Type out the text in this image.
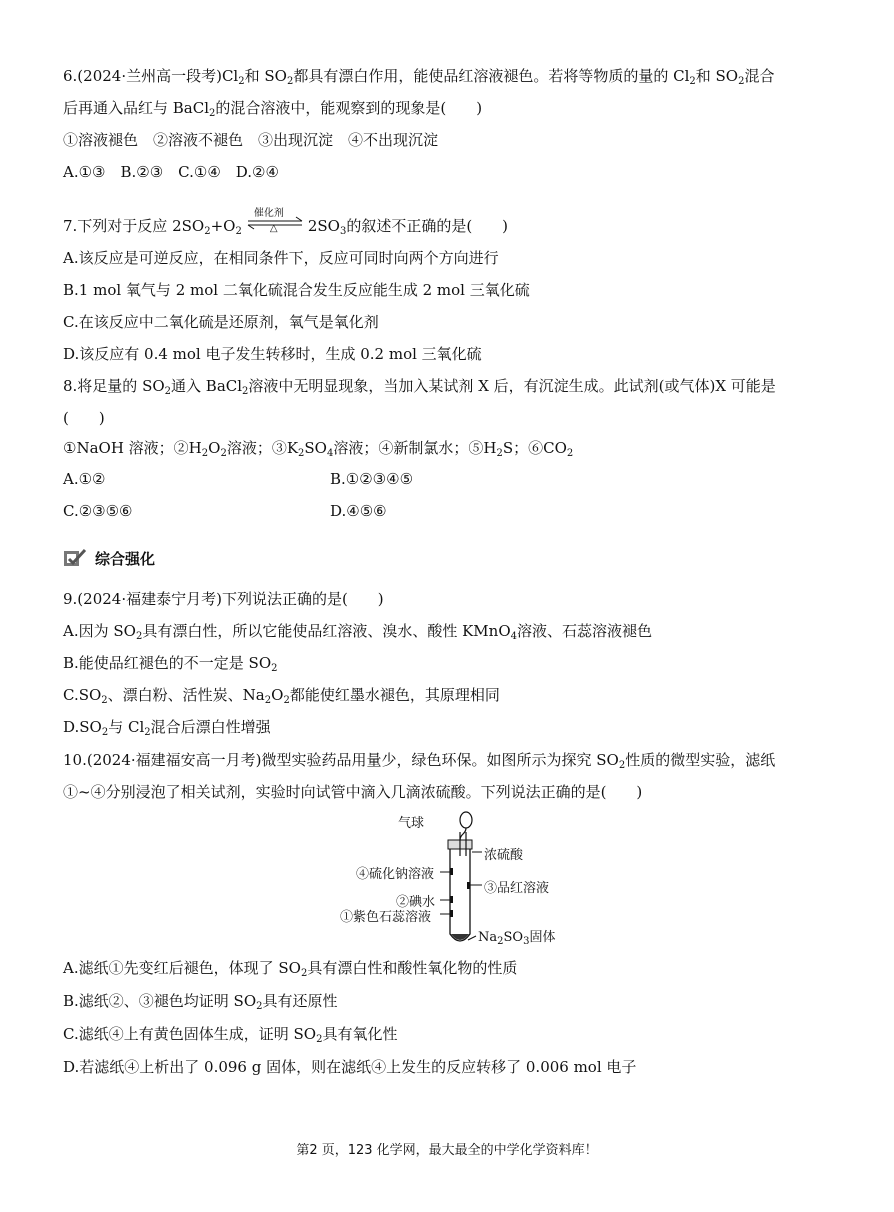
6.(2024·兰州高一段考)$Cl_2$和 $SO_2$都具有漂白作用，能使品红溶液褪色。若将等物质的量的 $Cl_2$和 $SO_2$混合
后再通入品红与 BaCl$_2$的混合溶液中，能观察到的现象是(　　)
①溶液褪色　②溶液不褪色　③出现沉淀　④不出现沉淀
A.①③　B.②③　C.①④　D.②④
7.下列对于反应 $2SO_2+O_2$
催化剂
△ $2SO_3$的叙述不正确的是(　　)
A.该反应是可逆反应，在相同条件下，反应可同时向两个方向进行
B.1 mol 氧气与 2 mol 二氧化硫混合发生反应能生成 2 mol 三氧化硫
C.在该反应中二氧化硫是还原剂，氧气是氧化剂
D.该反应有 0.4 mol 电子发生转移时，生成 0.2 mol 三氧化硫
8.将足量的 $SO_2$通入 BaCl$_2$溶液中无明显现象，当加入某试剂 X 后，有沉淀生成。此试剂(或气体)X 可能是
(　　)
①NaOH 溶液；$②H_2O_2$溶液；$③K_2SO_4$溶液；④新制氯水；$⑤H_2S$；$⑥CO_2$
A.①②	B.①②③④⑤
C.②③⑤⑥	D.④⑤⑥
综合强化
9.(2024·福建泰宁月考)下列说法正确的是(　　)
A.因为 $SO_2$具有漂白性，所以它能使品红溶液、溴水、酸性 KMnO$_4$溶液、石蕊溶液褪色
B.能使品红褪色的不一定是 $SO_2$
$C.SO_2$、漂白粉、活性炭、$Na_2O_2$都能使红墨水褪色，其原理相同
$D.SO_2$与 $Cl_2$混合后漂白性增强
10.(2024·福建福安高一月考)微型实验药品用量少，绿色环保。如图所示为探究 $SO_2$性质的微型实验，滤纸
①~④分别浸泡了相关试剂，实验时向试管中滴入几滴浓硫酸。下列说法正确的是(　　)
气球
浓硫酸
④硫化钠溶液
③品红溶液
②碘水
①紫色石蕊溶液
$Na_2SO_3$固体
A.滤纸①先变红后褪色，体现了 $SO_2$具有漂白性和酸性氧化物的性质
B.滤纸②、③褪色均证明 $SO_2$具有还原性
C.滤纸④上有黄色固体生成，证明 $SO_2$具有氧化性
D.若滤纸④上析出了 0.096 g 固体，则在滤纸④上发生的反应转移了 0.006 mol 电子
第2 页，123 化学网，最大最全的中学化学资料库！
